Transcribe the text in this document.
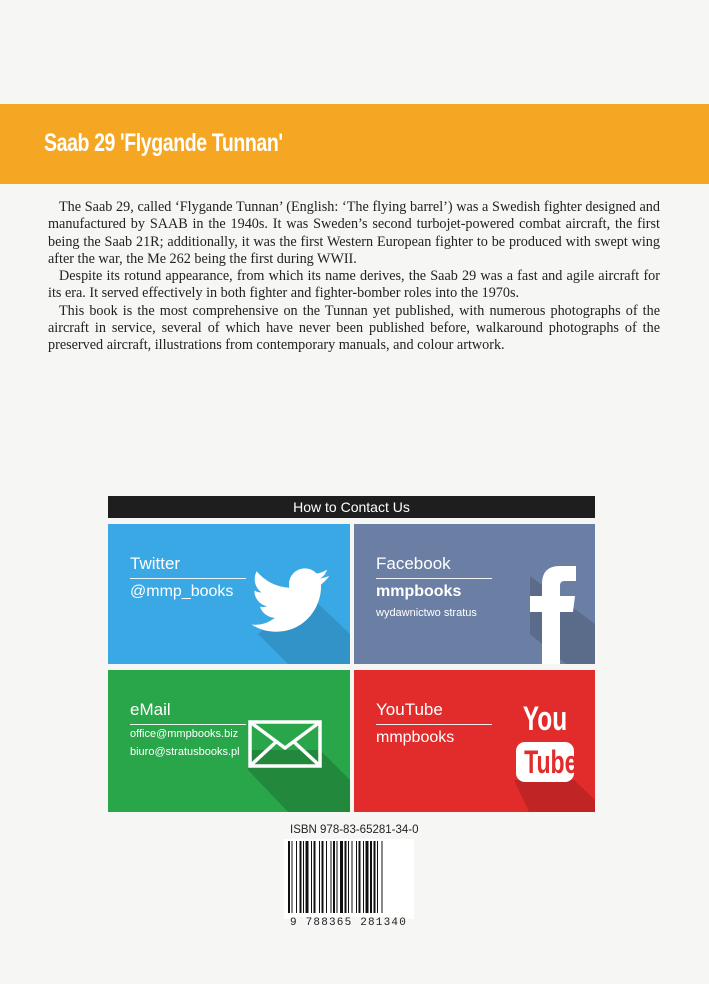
Saab 29 'Flygande Tunnan'

The Saab 29, called ‘Flygande Tunnan’ (English: ‘The flying barrel’) was a Swedish fighter designed and manufactured by SAAB in the 1940s. It was Sweden’s second turbojet-powered combat aircraft, the first being the Saab 21R; additionally, it was the first Western European fighter to be produced with swept wing after the war, the Me 262 being the first during WWII.

Despite its rotund appearance, from which its name derives, the Saab 29 was a fast and agile aircraft for its era. It served effectively in both fighter and fighter-bomber roles into the 1970s.

This book is the most comprehensive on the Tunnan yet published, with numerous photographs of the aircraft in service, several of which have never been published before, walkaround photographs of the preserved aircraft, illustrations from contemporary manuals, and colour artwork.

How to Contact Us
Twitter
@mmp_books
Facebook
mmpbooks
wydawnictwo stratus
eMail
office@mmpbooks.biz
biuro@stratusbooks.pl
YouTube
mmpbooks You
Tube
ISBN 978-83-65281-34-0
9 788365 281340
